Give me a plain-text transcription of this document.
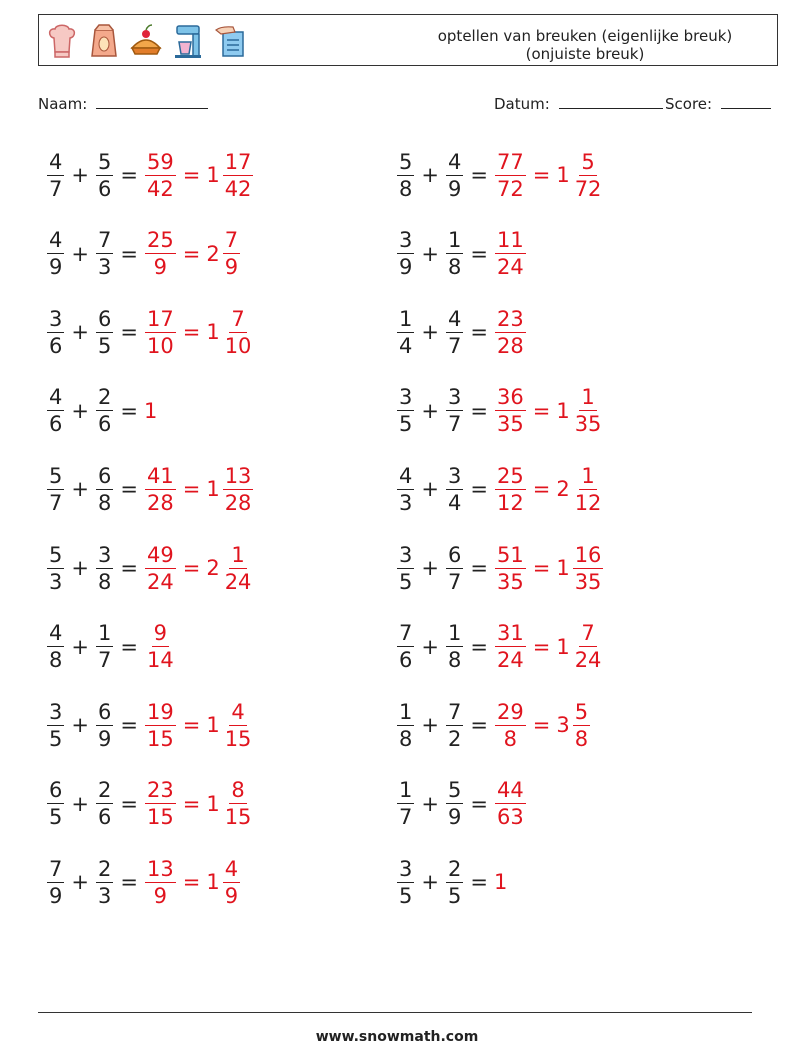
optellen van breuken (eigenlijke breuk)
(onjuiste breuk)
Naam:	Datum:	Score:
$\frac{4}{7} + \frac{5}{6} = \frac{59}{42} = 1 \frac{17}{42}$	$\frac{5}{8} + \frac{4}{9} = \frac{77}{72} = 1 \frac{5}{72}$
$\frac{4}{9} + \frac{7}{3} = \frac{25}{9} = 2 \frac{7}{9}$	$\frac{3}{9} + \frac{1}{8} = \frac{11}{24}$
$\frac{3}{6} + \frac{6}{5} = \frac{17}{10} = 1 \frac{7}{10}$	$\frac{1}{4} + \frac{4}{7} = \frac{23}{28}$
$\frac{4}{6} + \frac{2}{6} = 1$	$\frac{3}{5} + \frac{3}{7} = \frac{36}{35} = 1 \frac{1}{35}$
$\frac{5}{7} + \frac{6}{8} = \frac{41}{28} = 1 \frac{13}{28}$	$\frac{4}{3} + \frac{3}{4} = \frac{25}{12} = 2 \frac{1}{12}$
$\frac{5}{3} + \frac{3}{8} = \frac{49}{24} = 2 \frac{1}{24}$	$\frac{3}{5} + \frac{6}{7} = \frac{51}{35} = 1 \frac{16}{35}$
$\frac{4}{8} + \frac{1}{7} = \frac{9}{14}$	$\frac{7}{6} + \frac{1}{8} = \frac{31}{24} = 1 \frac{7}{24}$
$\frac{3}{5} + \frac{6}{9} = \frac{19}{15} = 1 \frac{4}{15}$	$\frac{1}{8} + \frac{7}{2} = \frac{29}{8} = 3 \frac{5}{8}$
$\frac{6}{5} + \frac{2}{6} = \frac{23}{15} = 1 \frac{8}{15}$	$\frac{1}{7} + \frac{5}{9} = \frac{44}{63}$
$\frac{7}{9} + \frac{2}{3} = \frac{13}{9} = 1 \frac{4}{9}$	$\frac{3}{5} + \frac{2}{5} = 1$
www.snowmath.com
